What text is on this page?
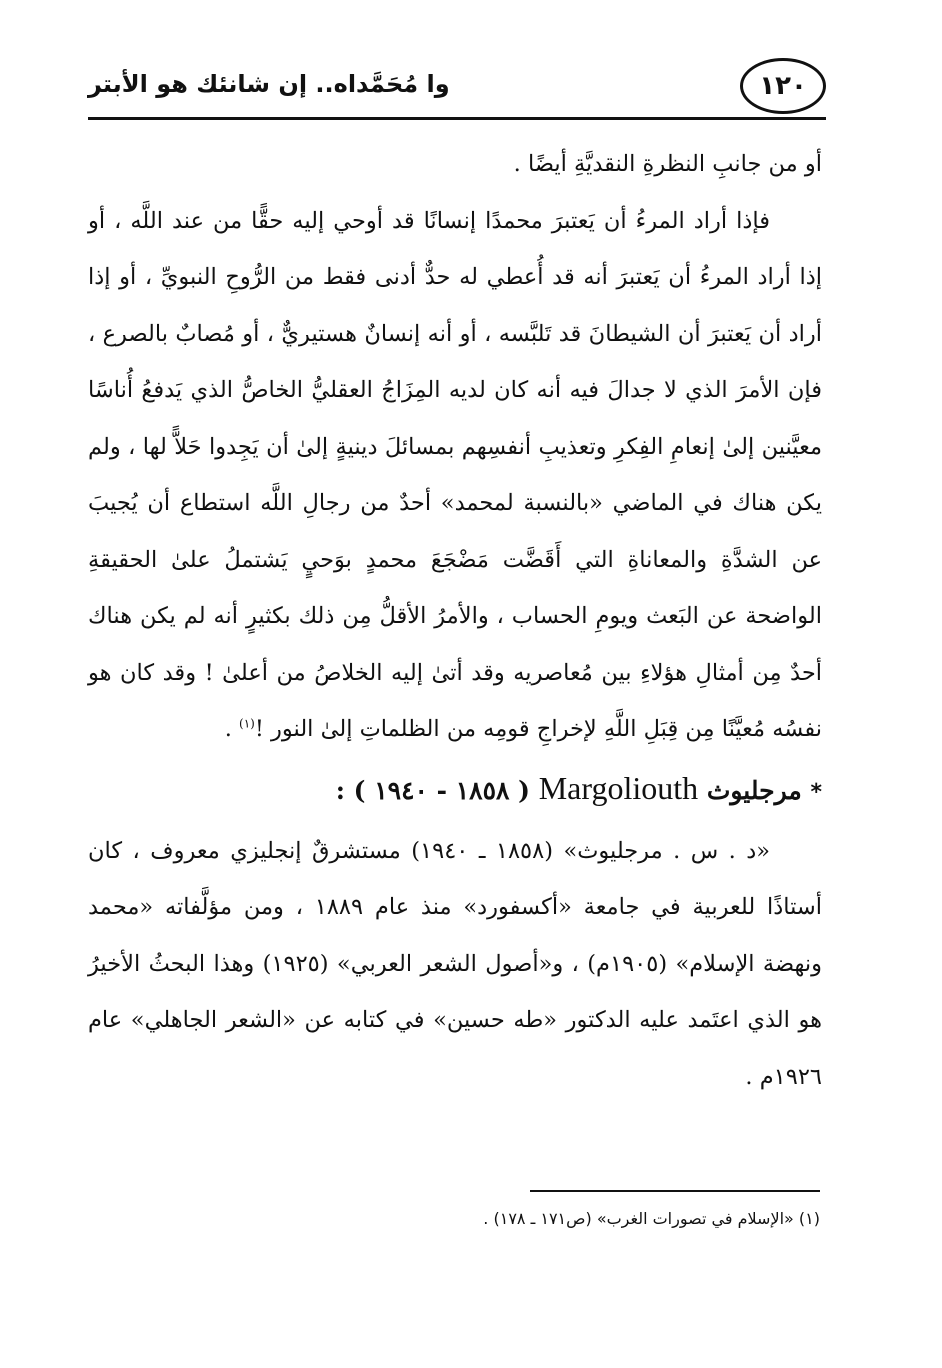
١٢٠
وا مُحَمَّداه.. إن شانئك هو الأبتر

أو من جانبِ النظرةِ النقديَّةِ أيضًا .

فإذا أراد المرءُ أن يَعتبرَ محمدًا إنسانًا قد أوحي إليه حقًّا من عند اللَّه ، أو إذا أراد المرءُ أن يَعتبرَ أنه قد أُعطي له حدٌّ أدنى فقط من الرُّوحِ النبويِّ ، أو إذا أراد أن يَعتبرَ أن الشيطانَ قد تَلبَّسه ، أو أنه إنسانٌ هستيريٌّ ، أو مُصابٌ بالصرع ، فإن الأمرَ الذي لا جدالَ فيه أنه كان لديه المِزَاجُ العقليُّ الخاصُّ الذي يَدفعُ أُناسًا معيَّنين إلىٰ إنعامِ الفِكرِ وتعذيبِ أنفسِهم بمسائلَ دينيةٍ إلىٰ أن يَجِدوا حَلاًّ لها ، ولم يكن هناك في الماضي «بالنسبة لمحمد» أحدٌ من رجالِ اللَّه استطاع أن يُجيبَ عن الشدَّةِ والمعاناةِ التي أَقَضَّت مَضْجَعَ محمدٍ بوَحيٍ يَشتملُ علىٰ الحقيقةِ الواضحة عن البَعث ويومِ الحساب ، والأمرُ الأقلُّ مِن ذلك بكثيرٍ أنه لم يكن هناك أحدٌ مِن أمثالِ هؤلاءِ بين مُعاصريه وقد أتىٰ إليه الخلاصُ من أعلىٰ ! وقد كان هو نفسُه مُعيَّنًا مِن قِبَلِ اللَّهِ لإخراجِ قومِه من الظلماتِ إلىٰ النور !$^{(١)}$ .

* مرجليوث Margoliouth ( ١٨٥٨ - ١٩٤٠ ) :

«د . س . مرجليوث» (١٨٥٨ ـ ١٩٤٠) مستشرقٌ إنجليزي معروف ، كان أستاذًا للعربية في جامعة «أكسفورد» منذ عام ١٨٨٩ ، ومن مؤلَّفاته «محمد ونهضة الإسلام» (١٩٠٥م) ، و«أصول الشعر العربي» (١٩٢٥) وهذا البحثُ الأخيرُ هو الذي اعتَمد عليه الدكتور «طه حسين» في كتابه عن «الشعر الجاهلي» عام ١٩٢٦م .

(١) «الإسلام في تصورات الغرب» (ص١٧١ ـ ١٧٨) .
